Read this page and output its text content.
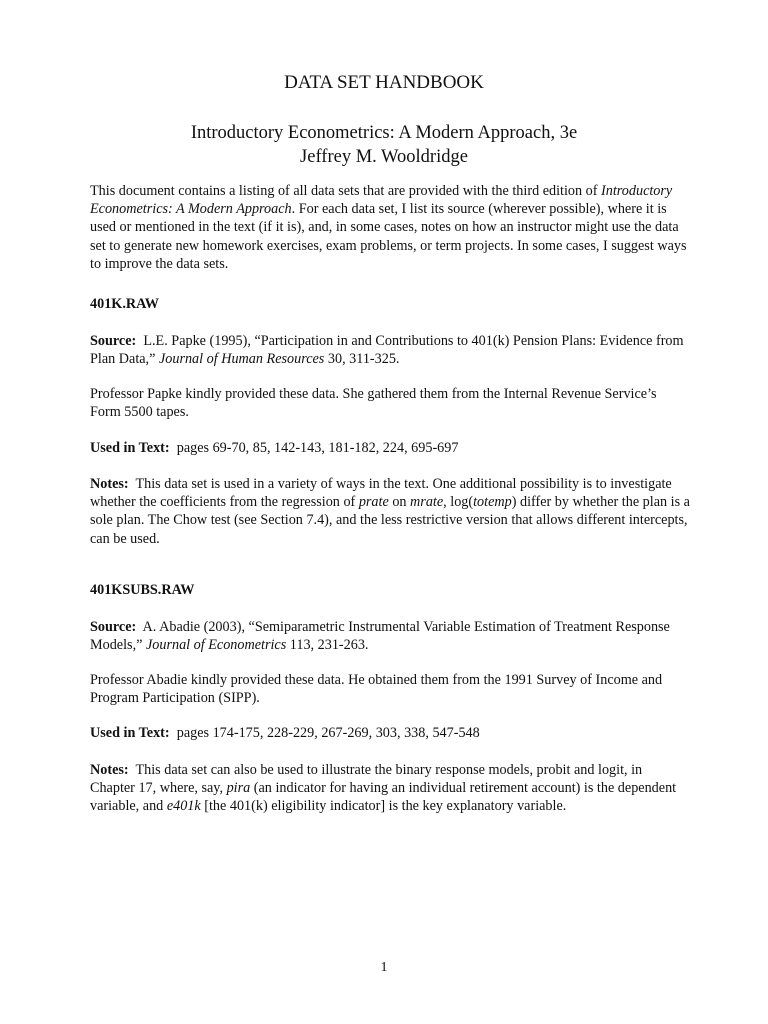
DATA SET HANDBOOK
Introductory Econometrics: A Modern Approach, 3e
Jeffrey M. Wooldridge
This document contains a listing of all data sets that are provided with the third edition of Introductory Econometrics: A Modern Approach. For each data set, I list its source (wherever possible), where it is used or mentioned in the text (if it is), and, in some cases, notes on how an instructor might use the data set to generate new homework exercises, exam problems, or term projects. In some cases, I suggest ways to improve the data sets.
401K.RAW
Source: L.E. Papke (1995), “Participation in and Contributions to 401(k) Pension Plans: Evidence from Plan Data,” Journal of Human Resources 30, 311-325.
Professor Papke kindly provided these data. She gathered them from the Internal Revenue Service’s Form 5500 tapes.
Used in Text: pages 69-70, 85, 142-143, 181-182, 224, 695-697
Notes: This data set is used in a variety of ways in the text. One additional possibility is to investigate whether the coefficients from the regression of prate on mrate, log(totemp) differ by whether the plan is a sole plan. The Chow test (see Section 7.4), and the less restrictive version that allows different intercepts, can be used.
401KSUBS.RAW
Source: A. Abadie (2003), “Semiparametric Instrumental Variable Estimation of Treatment Response Models,” Journal of Econometrics 113, 231-263.
Professor Abadie kindly provided these data. He obtained them from the 1991 Survey of Income and Program Participation (SIPP).
Used in Text: pages 174-175, 228-229, 267-269, 303, 338, 547-548
Notes: This data set can also be used to illustrate the binary response models, probit and logit, in Chapter 17, where, say, pira (an indicator for having an individual retirement account) is the dependent variable, and e401k [the 401(k) eligibility indicator] is the key explanatory variable.
1
